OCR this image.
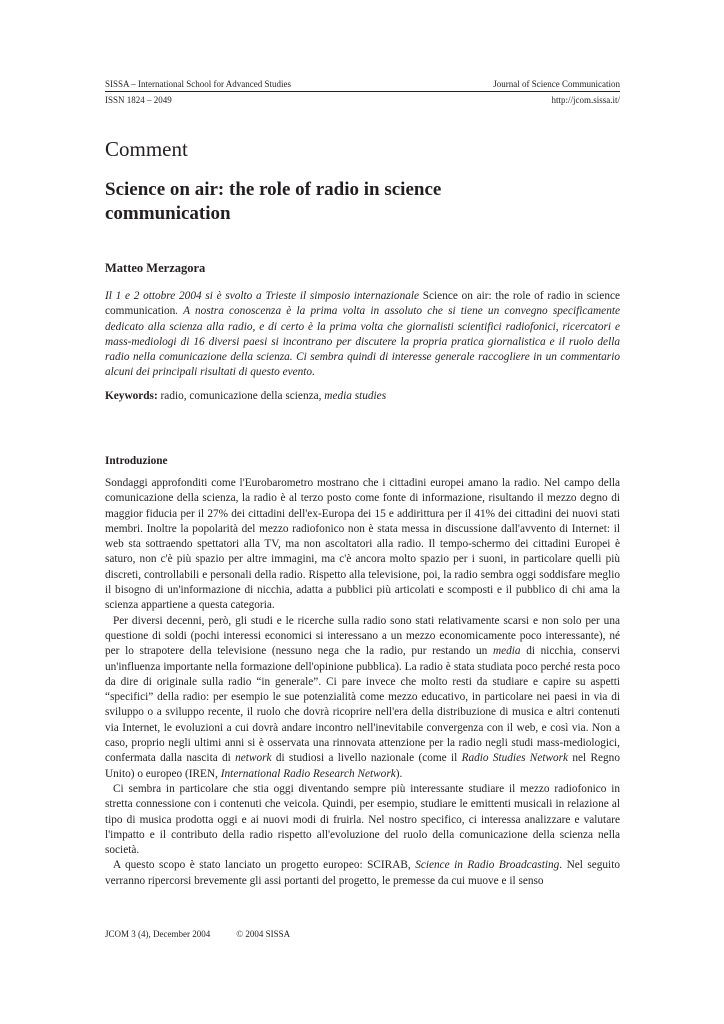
SISSA – International School for Advanced Studies	Journal of Science Communication
ISSN 1824 – 2049	http://jcom.sissa.it/
Comment
Science on air: the role of radio in science communication
Matteo Merzagora

Il 1 e 2 ottobre 2004 si è svolto a Trieste il simposio internazionale Science on air: the role of radio in science communication. A nostra conoscenza è la prima volta in assoluto che si tiene un convegno specificamente dedicato alla scienza alla radio, e di certo è la prima volta che giornalisti scientifici radiofonici, ricercatori e mass-mediologi di 16 diversi paesi si incontrano per discutere la propria pratica giornalistica e il ruolo della radio nella comunicazione della scienza. Ci sembra quindi di interesse generale raccogliere in un commentario alcuni dei principali risultati di questo evento.

Keywords: radio, comunicazione della scienza, media studies

Introduzione

Sondaggi approfonditi come l'Eurobarometro mostrano che i cittadini europei amano la radio. Nel campo della comunicazione della scienza, la radio è al terzo posto come fonte di informazione, risultando il mezzo degno di maggior fiducia per il 27% dei cittadini dell'ex-Europa dei 15 e addirittura per il 41% dei cittadini dei nuovi stati membri. Inoltre la popolarità del mezzo radiofonico non è stata messa in discussione dall'avvento di Internet: il web sta sottraendo spettatori alla TV, ma non ascoltatori alla radio. Il tempo-schermo dei cittadini Europei è saturo, non c'è più spazio per altre immagini, ma c'è ancora molto spazio per i suoni, in particolare quelli più discreti, controllabili e personali della radio. Rispetto alla televisione, poi, la radio sembra oggi soddisfare meglio il bisogno di un'informazione di nicchia, adatta a pubblici più articolati e scomposti e il pubblico di chi ama la scienza appartiene a questa categoria.

Per diversi decenni, però, gli studi e le ricerche sulla radio sono stati relativamente scarsi e non solo per una questione di soldi (pochi interessi economici si interessano a un mezzo economicamente poco interessante), né per lo strapotere della televisione (nessuno nega che la radio, pur restando un media di nicchia, conservi un'influenza importante nella formazione dell'opinione pubblica). La radio è stata studiata poco perché resta poco da dire di originale sulla radio “in generale”. Ci pare invece che molto resti da studiare e capire su aspetti “specifici” della radio: per esempio le sue potenzialità come mezzo educativo, in particolare nei paesi in via di sviluppo o a sviluppo recente, il ruolo che dovrà ricoprire nell'era della distribuzione di musica e altri contenuti via Internet, le evoluzioni a cui dovrà andare incontro nell'inevitabile convergenza con il web, e così via. Non a caso, proprio negli ultimi anni si è osservata una rinnovata attenzione per la radio negli studi mass-mediologici, confermata dalla nascita di network di studiosi a livello nazionale (come il Radio Studies Network nel Regno Unito) o europeo (IREN, International Radio Research Network).

Ci sembra in particolare che stia oggi diventando sempre più interessante studiare il mezzo radiofonico in stretta connessione con i contenuti che veicola. Quindi, per esempio, studiare le emittenti musicali in relazione al tipo di musica prodotta oggi e ai nuovi modi di fruirla. Nel nostro specifico, ci interessa analizzare e valutare l'impatto e il contributo della radio rispetto all'evoluzione del ruolo della comunicazione della scienza nella società.

A questo scopo è stato lanciato un progetto europeo: SCIRAB, Science in Radio Broadcasting. Nel seguito verranno ripercorsi brevemente gli assi portanti del progetto, le premesse da cui muove e il senso

JCOM 3 (4), December 2004	© 2004 SISSA
